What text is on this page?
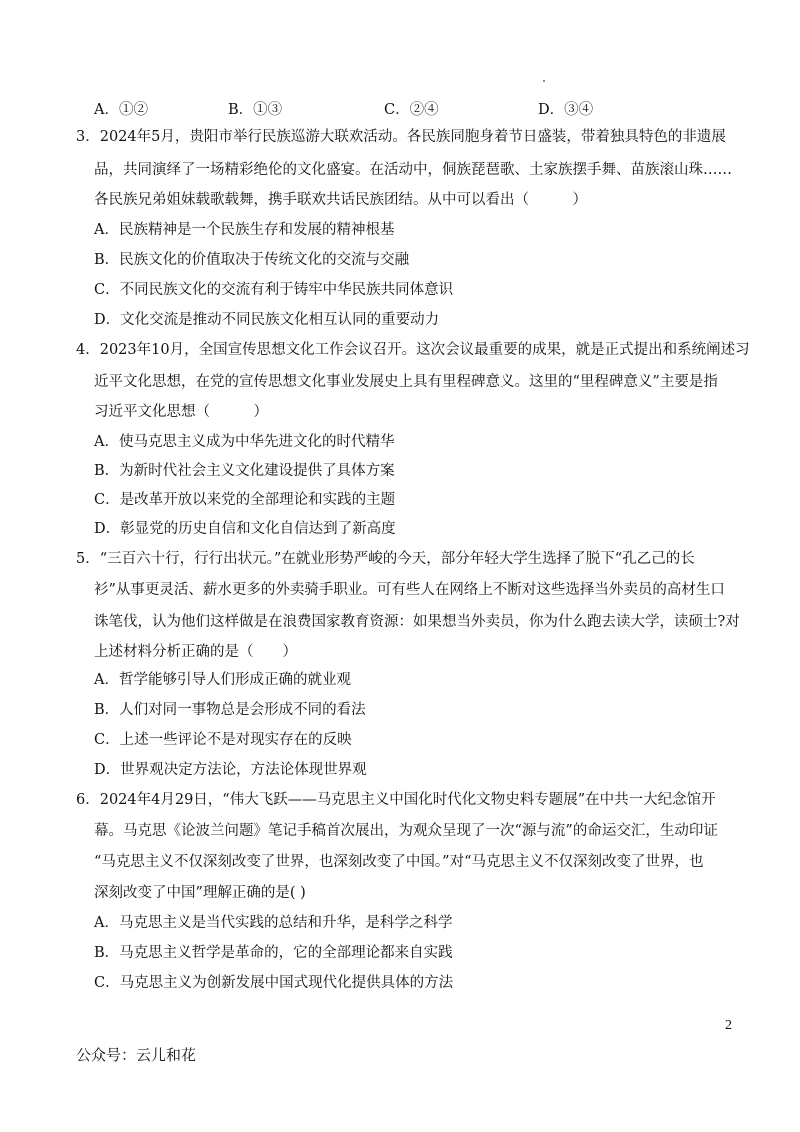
A．①②	B．①③	C．②④	D．③④
3．2024年5月，贵阳市举行民族巡游大联欢活动。各民族同胞身着节日盛装，带着独具特色的非遗展
品，共同演绎了一场精彩绝伦的文化盛宴。在活动中，侗族琵琶歌、土家族摆手舞、苗族滚山珠……
各民族兄弟姐妹载歌载舞，携手联欢共话民族团结。从中可以看出（　　　）
A．民族精神是一个民族生存和发展的精神根基
B．民族文化的价值取决于传统文化的交流与交融
C．不同民族文化的交流有利于铸牢中华民族共同体意识
D．文化交流是推动不同民族文化相互认同的重要动力
4．2023年10月，全国宣传思想文化工作会议召开。这次会议最重要的成果，就是正式提出和系统阐述习
近平文化思想，在党的宣传思想文化事业发展史上具有里程碑意义。这里的“里程碑意义”主要是指
习近平文化思想（　　　）
A．使马克思主义成为中华先进文化的时代精华
B．为新时代社会主义文化建设提供了具体方案
C．是改革开放以来党的全部理论和实践的主题
D．彰显党的历史自信和文化自信达到了新高度
5．“三百六十行，行行出状元。”在就业形势严峻的今天，部分年轻大学生选择了脱下“孔乙己的长
衫”从事更灵活、薪水更多的外卖骑手职业。可有些人在网络上不断对这些选择当外卖员的高材生口
诛笔伐，认为他们这样做是在浪费国家教育资源：如果想当外卖员，你为什么跑去读大学，读硕士?对
上述材料分析正确的是（　　）
A．哲学能够引导人们形成正确的就业观
B．人们对同一事物总是会形成不同的看法
C．上述一些评论不是对现实存在的反映
D．世界观决定方法论，方法论体现世界观
6．2024年4月29日，“伟大飞跃——马克思主义中国化时代化文物史料专题展”在中共一大纪念馆开
幕。马克思《论波兰问题》笔记手稿首次展出，为观众呈现了一次“源与流”的命运交汇，生动印证
“马克思主义不仅深刻改变了世界，也深刻改变了中国。”对“马克思主义不仅深刻改变了世界，也
深刻改变了中国”理解正确的是( )
A．马克思主义是当代实践的总结和升华，是科学之科学
B．马克思主义哲学是革命的，它的全部理论都来自实践
C．马克思主义为创新发展中国式现代化提供具体的方法
2
公众号：云儿和花
